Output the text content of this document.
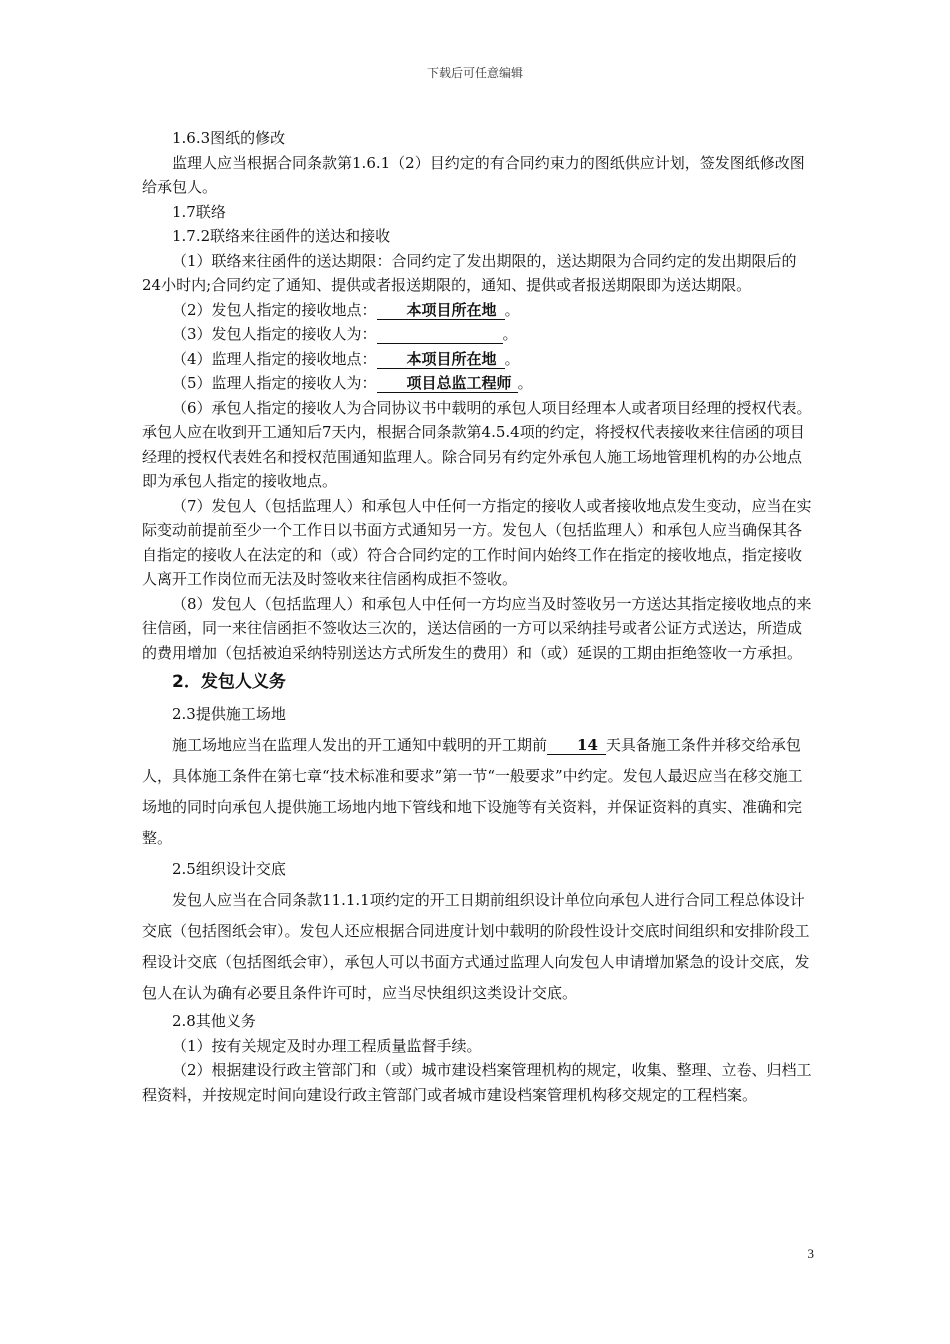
下载后可任意编辑

1.6.3图纸的修改

监理人应当根据合同条款第1.6.1（2）目约定的有合同约束力的图纸供应计划，签发图纸修改图给承包人。

1.7联络

1.7.2联络来往函件的送达和接收

（1）联络来往函件的送达期限：合同约定了发出期限的，送达期限为合同约定的发出期限后的24小时内;合同约定了通知、提供或者报送期限的，通知、提供或者报送期限即为送达期限。

（2）发包人指定的接收地点： 本项目所在地 。

（3）发包人指定的接收人为：	。

（4）监理人指定的接收地点： 本项目所在地 。

（5）监理人指定的接收人为： 项目总监工程师 。

（6）承包人指定的接收人为合同协议书中载明的承包人项目经理本人或者项目经理的授权代表。承包人应在收到开工通知后7天内，根据合同条款第4.5.4项的约定，将授权代表接收来往信函的项目经理的授权代表姓名和授权范围通知监理人。除合同另有约定外承包人施工场地管理机构的办公地点即为承包人指定的接收地点。

（7）发包人（包括监理人）和承包人中任何一方指定的接收人或者接收地点发生变动，应当在实际变动前提前至少一个工作日以书面方式通知另一方。发包人（包括监理人）和承包人应当确保其各自指定的接收人在法定的和（或）符合合同约定的工作时间内始终工作在指定的接收地点，指定接收人离开工作岗位而无法及时签收来往信函构成拒不签收。

（8）发包人（包括监理人）和承包人中任何一方均应当及时签收另一方送达其指定接收地点的来往信函，同一来往信函拒不签收达三次的，送达信函的一方可以采纳挂号或者公证方式送达，所造成的费用增加（包括被迫采纳特别送达方式所发生的费用）和（或）延误的工期由拒绝签收一方承担。

2．发包人义务

2.3提供施工场地

施工场地应当在监理人发出的开工通知中载明的开工期前 14 天具备施工条件并移交给承包人，具体施工条件在第七章“技术标准和要求”第一节“一般要求”中约定。发包人最迟应当在移交施工场地的同时向承包人提供施工场地内地下管线和地下设施等有关资料，并保证资料的真实、准确和完整。

2.5组织设计交底

发包人应当在合同条款11.1.1项约定的开工日期前组织设计单位向承包人进行合同工程总体设计交底（包括图纸会审）。发包人还应根据合同进度计划中载明的阶段性设计交底时间组织和安排阶段工程设计交底（包括图纸会审），承包人可以书面方式通过监理人向发包人申请增加紧急的设计交底，发包人在认为确有必要且条件许可时，应当尽快组织这类设计交底。

2.8其他义务

（1）按有关规定及时办理工程质量监督手续。

（2）根据建设行政主管部门和（或）城市建设档案管理机构的规定，收集、整理、立卷、归档工程资料，并按规定时间向建设行政主管部门或者城市建设档案管理机构移交规定的工程档案。

3
